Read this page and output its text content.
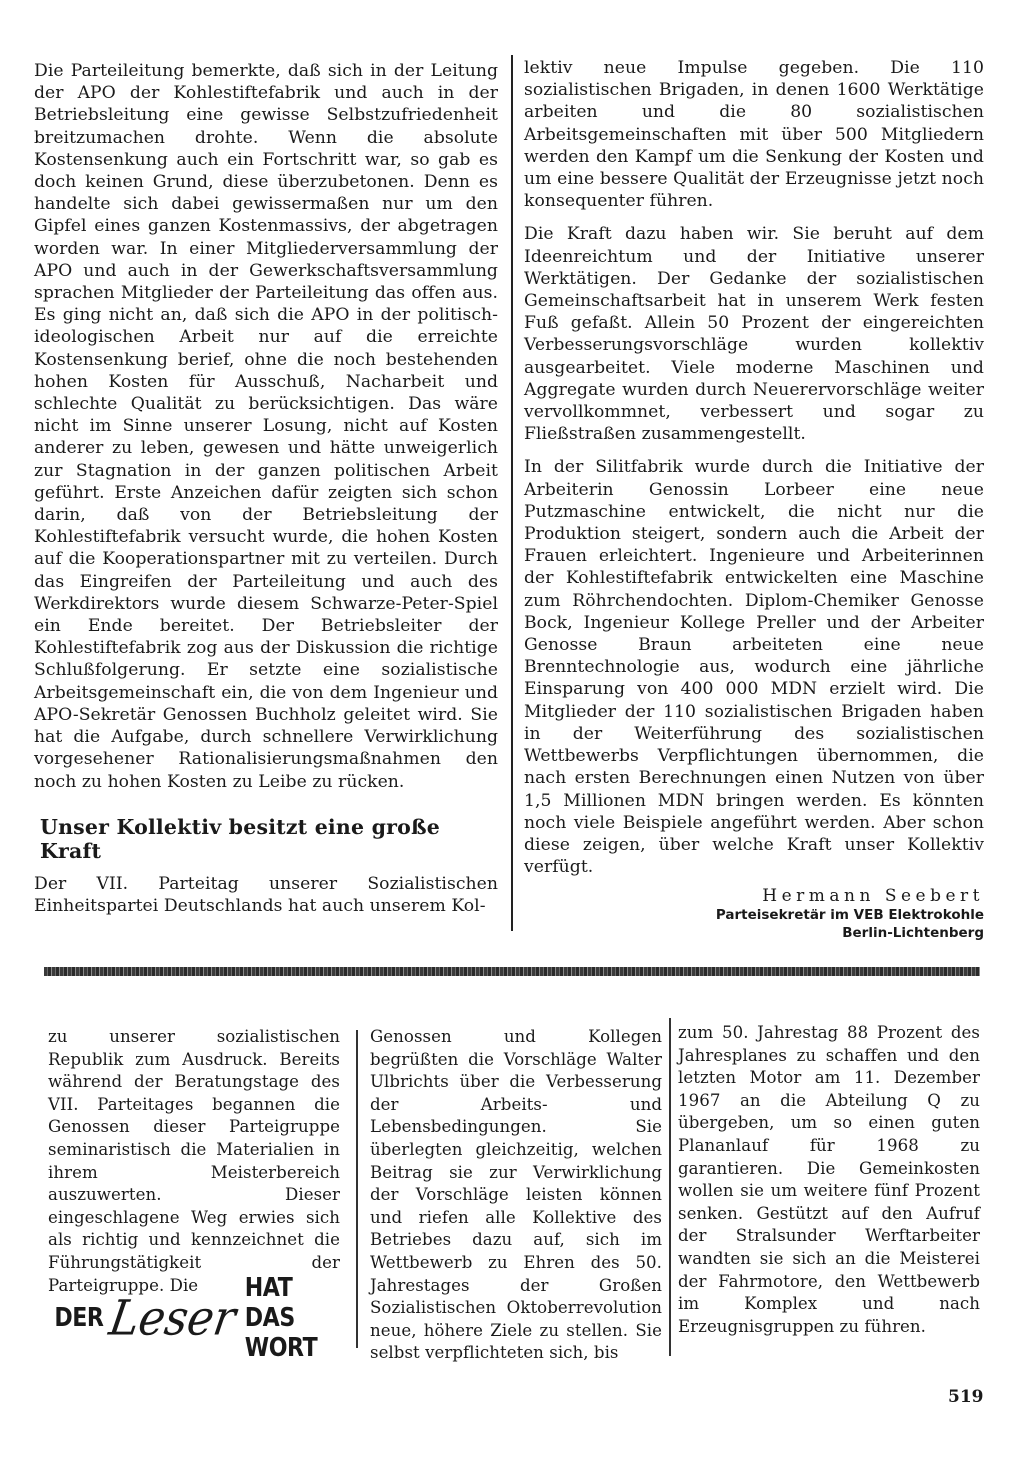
Die Parteileitung bemerkte, daß sich in der Leitung der APO der Kohlestiftefabrik und auch in der Betriebsleitung eine gewisse Selbstzufriedenheit breitzumachen drohte. Wenn die absolute Kostensenkung auch ein Fortschritt war, so gab es doch keinen Grund, diese überzubetonen. Denn es handelte sich dabei gewissermaßen nur um den Gipfel eines ganzen Kostenmassivs, der abgetragen worden war. In einer Mitgliederversammlung der APO und auch in der Gewerkschaftsversammlung sprachen Mitglieder der Parteileitung das offen aus. Es ging nicht an, daß sich die APO in der politisch-ideologischen Arbeit nur auf die erreichte Kostensenkung berief, ohne die noch bestehenden hohen Kosten für Ausschuß, Nacharbeit und schlechte Qualität zu berücksichtigen. Das wäre nicht im Sinne unserer Losung, nicht auf Kosten anderer zu leben, gewesen und hätte unweigerlich zur Stagnation in der ganzen politischen Arbeit geführt. Erste Anzeichen dafür zeigten sich schon darin, daß von der Betriebsleitung der Kohlestiftefabrik versucht wurde, die hohen Kosten auf die Kooperationspartner mit zu verteilen. Durch das Eingreifen der Parteileitung und auch des Werkdirektors wurde diesem Schwarze-Peter-Spiel ein Ende bereitet. Der Betriebsleiter der Kohlestiftefabrik zog aus der Diskussion die richtige Schlußfolgerung. Er setzte eine sozialistische Arbeitsgemeinschaft ein, die von dem Ingenieur und APO-Sekretär Genossen Buchholz geleitet wird. Sie hat die Aufgabe, durch schnellere Verwirklichung vorgesehener Rationalisierungsmaßnahmen den noch zu hohen Kosten zu Leibe zu rücken.

Unser Kollektiv besitzt eine große Kraft

Der VII. Parteitag unserer Sozialistischen Einheitspartei Deutschlands hat auch unserem Kol-

lektiv neue Impulse gegeben. Die 110 sozialistischen Brigaden, in denen 1600 Werktätige arbeiten und die 80 sozialistischen Arbeitsgemeinschaften mit über 500 Mitgliedern werden den Kampf um die Senkung der Kosten und um eine bessere Qualität der Erzeugnisse jetzt noch konsequenter führen.

Die Kraft dazu haben wir. Sie beruht auf dem Ideenreichtum und der Initiative unserer Werktätigen. Der Gedanke der sozialistischen Gemeinschaftsarbeit hat in unserem Werk festen Fuß gefaßt. Allein 50 Prozent der eingereichten Verbesserungsvorschläge wurden kollektiv ausgearbeitet. Viele moderne Maschinen und Aggregate wurden durch Neuerervorschläge weiter vervollkommnet, verbessert und sogar zu Fließstraßen zusammengestellt.

In der Silitfabrik wurde durch die Initiative der Arbeiterin Genossin Lorbeer eine neue Putzmaschine entwickelt, die nicht nur die Produktion steigert, sondern auch die Arbeit der Frauen erleichtert. Ingenieure und Arbeiterinnen der Kohlestiftefabrik entwickelten eine Maschine zum Röhrchendochten. Diplom-Chemiker Genosse Bock, Ingenieur Kollege Preller und der Arbeiter Genosse Braun arbeiteten eine neue Brenntechnologie aus, wodurch eine jährliche Einsparung von 400 000 MDN erzielt wird. Die Mitglieder der 110 sozialistischen Brigaden haben in der Weiterführung des sozialistischen Wettbewerbs Verpflichtungen übernommen, die nach ersten Berechnungen einen Nutzen von über 1,5 Millionen MDN bringen werden. Es könnten noch viele Beispiele angeführt werden. Aber schon diese zeigen, über welche Kraft unser Kollektiv verfügt.

Hermann Seebert
Parteisekretär im VEB Elektrokohle
Berlin-Lichtenberg

zu unserer sozialistischen Republik zum Ausdruck. Bereits während der Beratungstage des VII. Parteitages begannen die Genossen dieser Parteigruppe seminaristisch die Materialien in ihrem Meisterbereich auszuwerten. Dieser eingeschlagene Weg erwies sich als richtig und kennzeichnet die Führungstätigkeit der Parteigruppe. Die

DER Leser
HAT DAS WORT

Genossen und Kollegen begrüßten die Vorschläge Walter Ulbrichts über die Verbesserung der Arbeits- und Lebensbedingungen. Sie überlegten gleichzeitig, welchen Beitrag sie zur Verwirklichung der Vorschläge leisten können und riefen alle Kollektive des Betriebes dazu auf, sich im Wettbewerb zu Ehren des 50. Jahrestages der Großen Sozialistischen Oktoberrevolution neue, höhere Ziele zu stellen. Sie selbst verpflichteten sich, bis

zum 50. Jahrestag 88 Prozent des Jahresplanes zu schaffen und den letzten Motor am 11. Dezember 1967 an die Abteilung Q zu übergeben, um so einen guten Plananlauf für 1968 zu garantieren. Die Gemeinkosten wollen sie um weitere fünf Prozent senken. Gestützt auf den Aufruf der Stralsunder Werftarbeiter wandten sie sich an die Meisterei der Fahrmotore, den Wettbewerb im Komplex und nach Erzeugnisgruppen zu führen.

519
